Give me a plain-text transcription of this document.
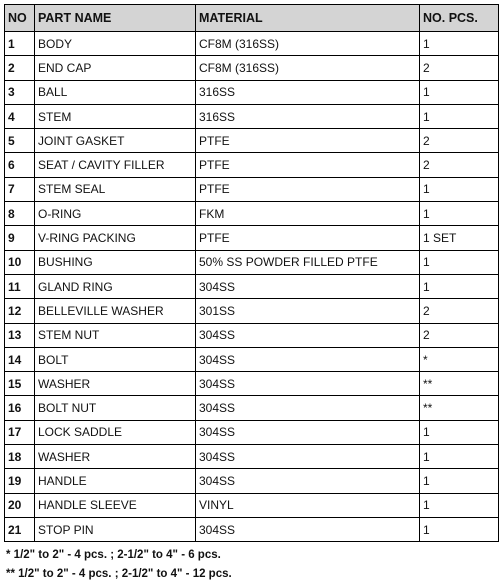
NO	PART NAME	MATERIAL	NO. PCS.
1	BODY	CF8M (316SS)	1
2	END CAP	CF8M (316SS)	2
3	BALL	316SS	1
4	STEM	316SS	1
5	JOINT GASKET	PTFE	2
6	SEAT / CAVITY FILLER	PTFE	2
7	STEM SEAL	PTFE	1
8	O-RING	FKM	1
9	V-RING PACKING	PTFE	1 SET
10	BUSHING	50% SS POWDER FILLED PTFE	1
11	GLAND RING	304SS	1
12	BELLEVILLE WASHER	301SS	2
13	STEM NUT	304SS	2
14	BOLT	304SS	*
15	WASHER	304SS	**
16	BOLT NUT	304SS	**
17	LOCK SADDLE	304SS	1
18	WASHER	304SS	1
19	HANDLE	304SS	1
20	HANDLE SLEEVE	VINYL	1
21	STOP PIN	304SS	1
* 1/2" to 2" - 4 pcs. ; 2-1/2" to 4" - 6 pcs.
** 1/2" to 2" - 4 pcs. ; 2-1/2" to 4" - 12 pcs.
